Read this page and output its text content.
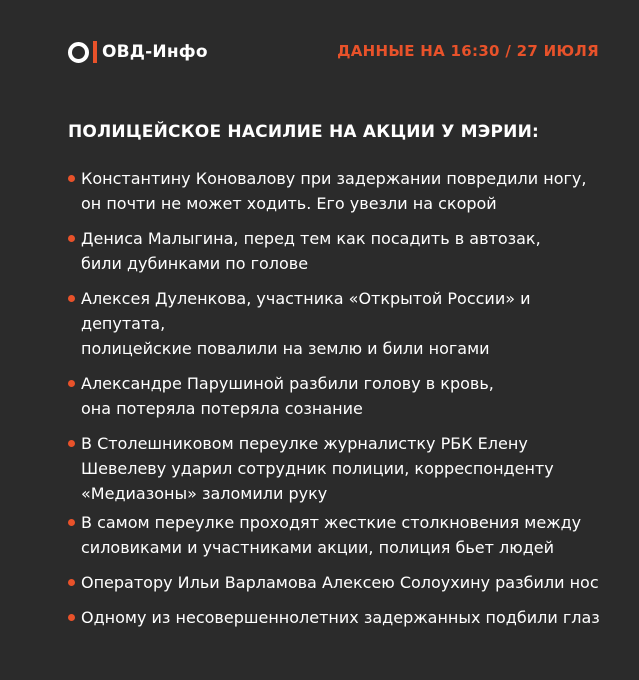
ОВД-Инфо	ДАННЫЕ НА 16:30 / 27 ИЮЛЯ
ПОЛИЦЕЙСКОЕ НАСИЛИЕ НА АКЦИИ У МЭРИИ:
Константину Коновалову при задержании повредили ногу,
он почти не может ходить. Его увезли на скорой
Дениса Малыгина, перед тем как посадить в автозак,
били дубинками по голове
Алексея Дуленкова, участника «Открытой России» и депутата,
полицейские повалили на землю и били ногами
Александре Парушиной разбили голову в кровь,
она потеряла потеряла сознание
В Столешниковом переулке журналистку РБК Елену
Шевелеву ударил сотрудник полиции, корреспонденту
«Медиазоны» заломили руку
В самом переулке проходят жесткие столкновения между
силовиками и участниками акции, полиция бьет людей
Оператору Ильи Варламова Алексею Солоухину разбили нос
Одному из несовершеннолетних задержанных подбили глаз
